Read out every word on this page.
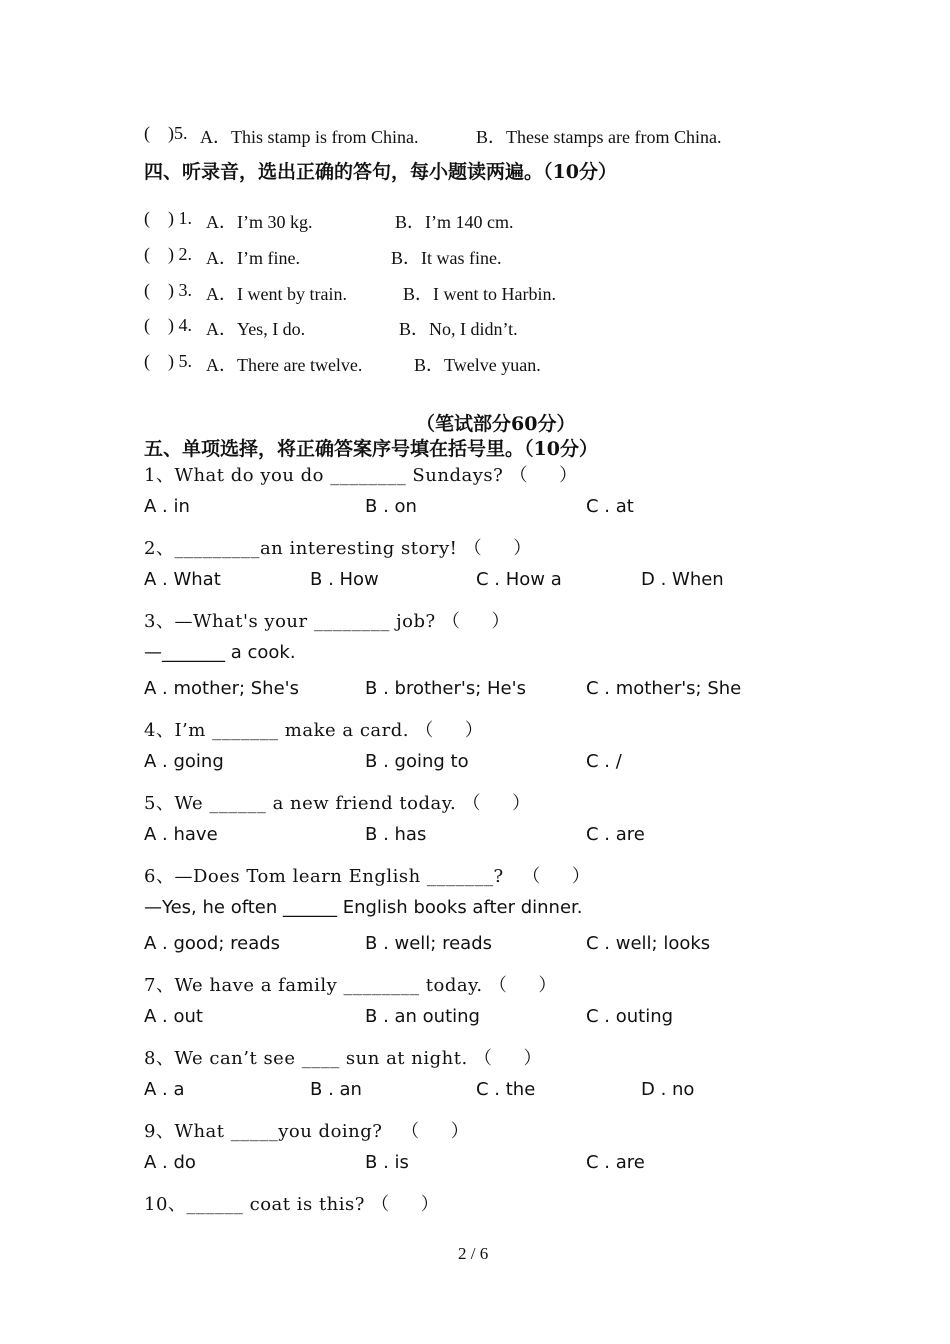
(    )5. A．This stamp is from China.	B．These stamps are from China.
四、听录音，选出正确的答句，每小题读两遍。（10分）
(    ) 1. A．I’m 30 kg.	B．I’m 140 cm.
(    ) 2. A．I’m fine.	B．It was fine.
(    ) 3. A．I went by train.	B．I went to Harbin.
(    ) 4. A．Yes, I do.	B．No, I didn’t.
(    ) 5. A．There are twelve.	B．Twelve yuan.
（笔试部分60分）
五、单项选择，将正确答案序号填在括号里。（10分）
1、What do you do ________ Sundays? （     ）
A . in	B . on	C . at
2、_________an interesting story! （     ）
A . What	B . How	C . How a	D . When
3、—What's your ________ job? （     ）
—_______ a cook.
A . mother; She's	B . brother's; He's	C . mother's; She
4、I’m _______ make a card. （     ）
A . going	B . going to	C . /
5、We ______ a new friend today. （     ）
A . have	B . has	C . are
6、—Does Tom learn English _______?   （     ）
—Yes, he often ______ English books after dinner.
A . good; reads	B . well; reads	C . well; looks
7、We have a family ________ today. （     ）
A . out	B . an outing	C . outing
8、We can’t see ____ sun at night. （     ）
A . a	B . an	C . the	D . no
9、What _____you doing?   （     ）
A . do	B . is	C . are
10、______ coat is this? （     ）
2 / 6
